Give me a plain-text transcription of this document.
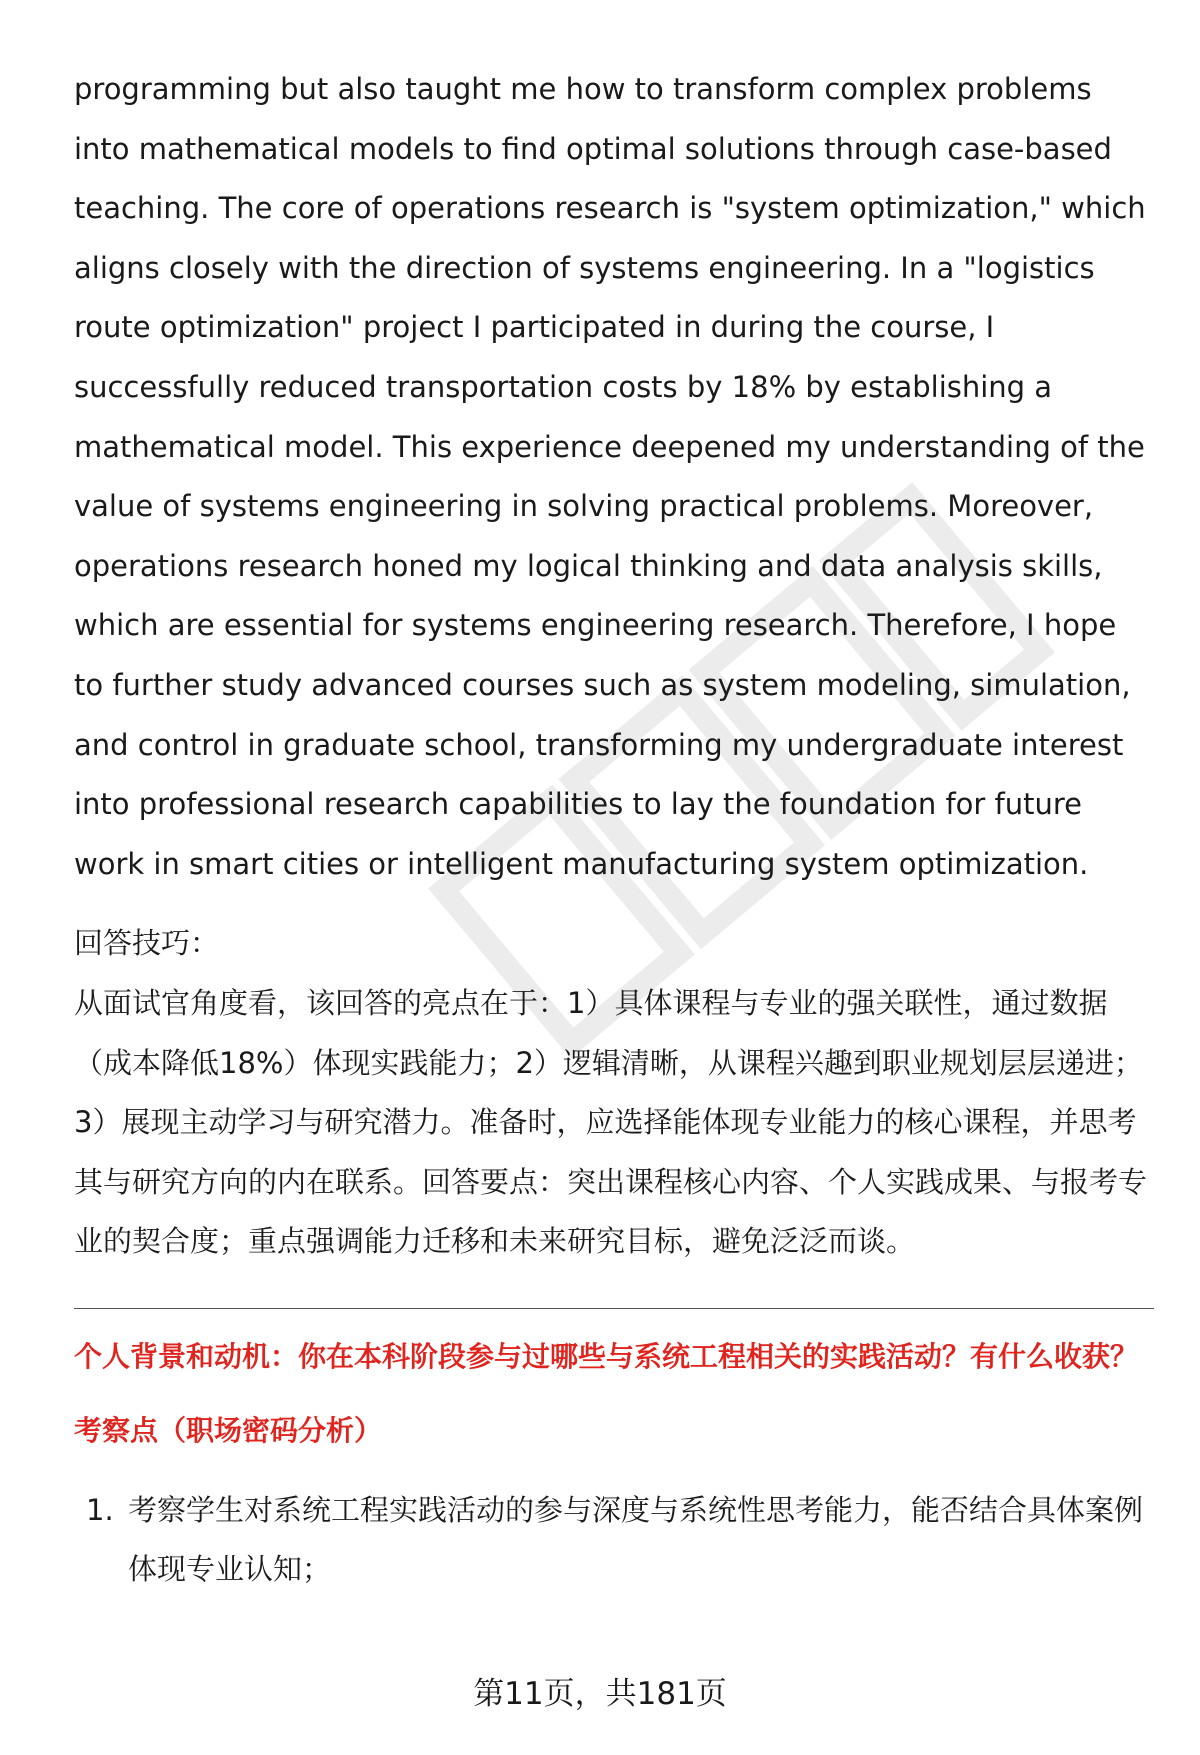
programming but also taught me how to transform complex problems into mathematical models to find optimal solutions through case-based teaching. The core of operations research is "system optimization," which aligns closely with the direction of systems engineering. In a "logistics route optimization" project I participated in during the course, I successfully reduced transportation costs by 18% by establishing a mathematical model. This experience deepened my understanding of the value of systems engineering in solving practical problems. Moreover, operations research honed my logical thinking and data analysis skills, which are essential for systems engineering research. Therefore, I hope to further study advanced courses such as system modeling, simulation, and control in graduate school, transforming my undergraduate interest into professional research capabilities to lay the foundation for future work in smart cities or intelligent manufacturing system optimization.

回答技巧：

从面试官角度看，该回答的亮点在于：1）具体课程与专业的强关联性，通过数据（成本降低18%）体现实践能力；2）逻辑清晰，从课程兴趣到职业规划层层递进；3）展现主动学习与研究潜力。准备时，应选择能体现专业能力的核心课程，并思考其与研究方向的内在联系。回答要点：突出课程核心内容、个人实践成果、与报考专业的契合度；重点强调能力迁移和未来研究目标，避免泛泛而谈。

个人背景和动机：你在本科阶段参与过哪些与系统工程相关的实践活动？有什么收获？
考察点（职场密码分析）
1. 考察学生对系统工程实践活动的参与深度与系统性思考能力，能否结合具体案例体现专业认知；
第11页，共181页
